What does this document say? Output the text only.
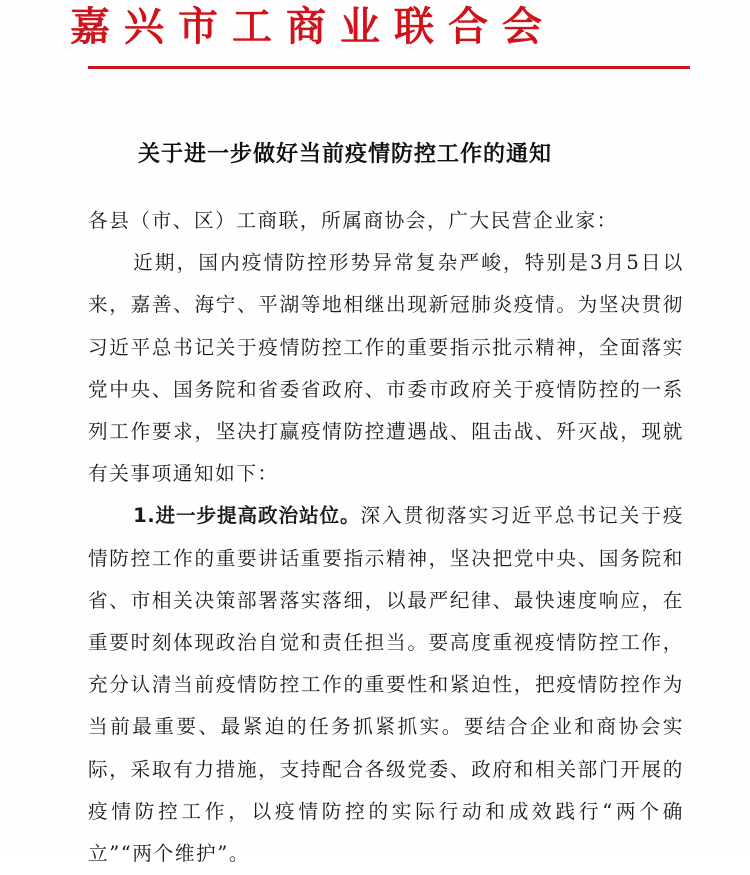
嘉兴市工商业联合会
关于进一步做好当前疫情防控工作的通知

各县（市、区）工商联，所属商协会，广大民营企业家：

近期，国内疫情防控形势异常复杂严峻，特别是3月5日以来，嘉善、海宁、平湖等地相继出现新冠肺炎疫情。为坚决贯彻习近平总书记关于疫情防控工作的重要指示批示精神，全面落实党中央、国务院和省委省政府、市委市政府关于疫情防控的一系列工作要求，坚决打赢疫情防控遭遇战、阻击战、歼灭战，现就有关事项通知如下：

1.进一步提高政治站位。深入贯彻落实习近平总书记关于疫情防控工作的重要讲话重要指示精神，坚决把党中央、国务院和省、市相关决策部署落实落细，以最严纪律、最快速度响应，在重要时刻体现政治自觉和责任担当。要高度重视疫情防控工作，充分认清当前疫情防控工作的重要性和紧迫性，把疫情防控作为当前最重要、最紧迫的任务抓紧抓实。要结合企业和商协会实际，采取有力措施，支持配合各级党委、政府和相关部门开展的疫情防控工作，以疫情防控的实际行动和成效践行“两个确立”“两个维护”。
